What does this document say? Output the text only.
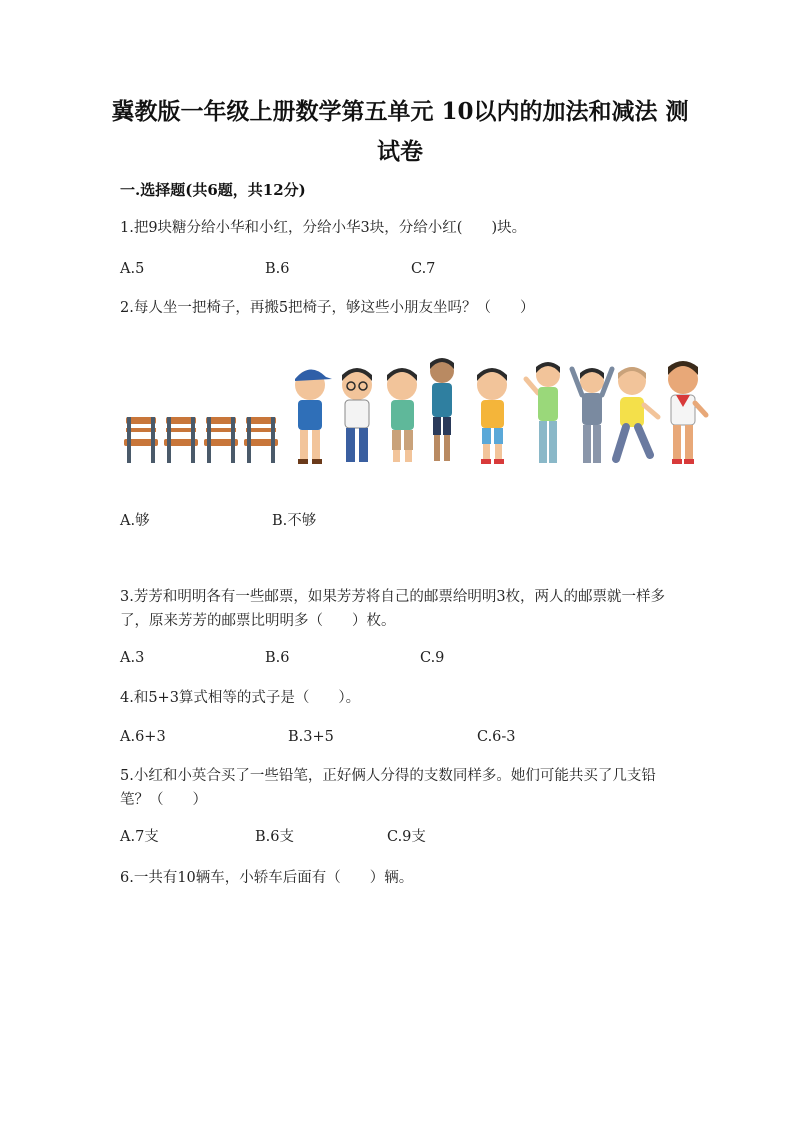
冀教版一年级上册数学第五单元 10以内的加法和减法 测试卷
一.选择题(共6题，共12分)
1.把9块糖分给小华和小红，分给小华3块，分给小红(　　)块。
A.5	B.6	C.7
2.每人坐一把椅子，再搬5把椅子，够这些小朋友坐吗？（　　）
A.够	B.不够
3.芳芳和明明各有一些邮票，如果芳芳将自己的邮票给明明3枚，两人的邮票就一样多了，原来芳芳的邮票比明明多（　　）枚。
A.3	B.6	C.9
4.和5+3算式相等的式子是（　　）。
A.6+3	B.3+5	C.6-3
5.小红和小英合买了一些铅笔，正好俩人分得的支数同样多。她们可能共买了几支铅笔？（　　）
A.7支	B.6支	C.9支
6.一共有10辆车，小轿车后面有（　　）辆。
